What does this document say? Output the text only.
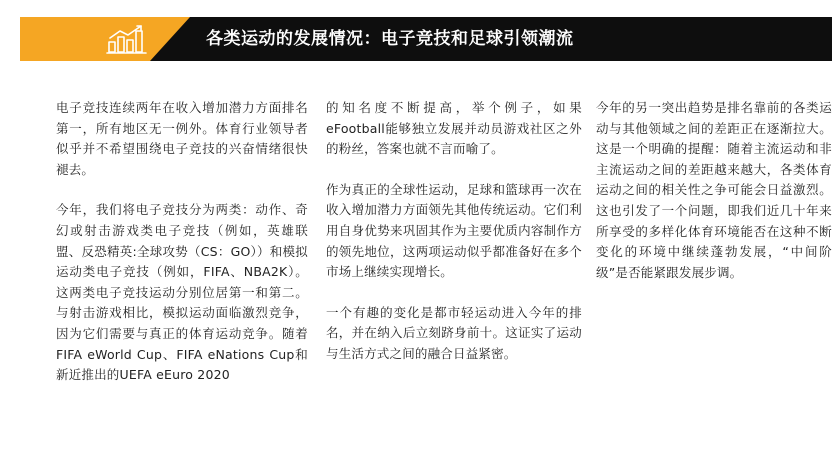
各类运动的发展情况：电子竞技和足球引领潮流

电子竞技连续两年在收入增加潜力方面排名第一，所有地区无一例外。体育行业领导者似乎并不希望围绕电子竞技的兴奋情绪很快褪去。

今年，我们将电子竞技分为两类：动作、奇幻或射击游戏类电子竞技（例如，英雄联盟、反恐精英:全球攻势（CS：GO））和模拟运动类电子竞技（例如，FIFA、NBA2K）。这两类电子竞技运动分别位居第一和第二。与射击游戏相比，模拟运动面临激烈竞争，因为它们需要与真正的体育运动竞争。随着FIFA eWorld Cup、FIFA eNations Cup和新近推出的UEFA eEuro 2020

的知名度不断提高，举个例子，如果eFootball能够独立发展并动员游戏社区之外的粉丝，答案也就不言而喻了。

作为真正的全球性运动，足球和篮球再一次在收入增加潜力方面领先其他传统运动。它们利用自身优势来巩固其作为主要优质内容制作方的领先地位，这两项运动似乎都准备好在多个市场上继续实现增长。

一个有趣的变化是都市轻运动进入今年的排名，并在纳入后立刻跻身前十。这证实了运动与生活方式之间的融合日益紧密。

今年的另一突出趋势是排名靠前的各类运动与其他领域之间的差距正在逐渐拉大。这是一个明确的提醒：随着主流运动和非主流运动之间的差距越来越大，各类体育运动之间的相关性之争可能会日益激烈。这也引发了一个问题，即我们近几十年来所享受的多样化体育环境能否在这种不断变化的环境中继续蓬勃发展，“中间阶级”是否能紧跟发展步调。
